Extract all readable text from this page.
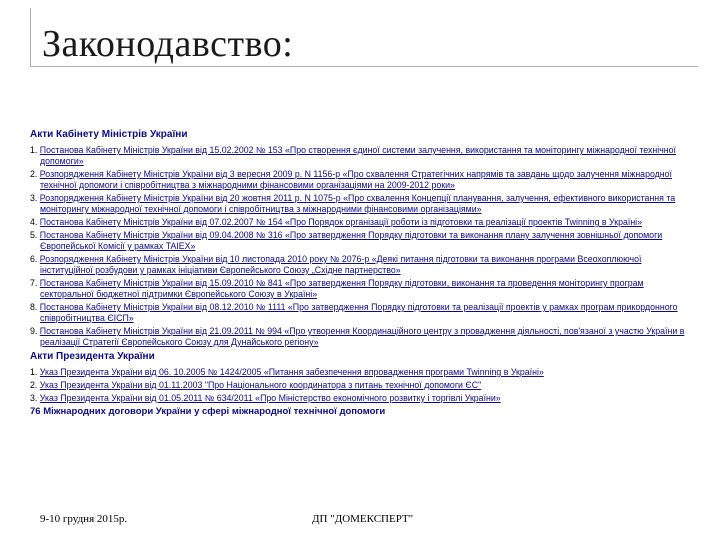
Законодавство:
Акти Кабінету Міністрів України
1. Постанова Кабінету Міністрів України від 15.02.2002 № 153 «Про створення єдиної системи залучення, використання та моніторингу міжнародної технічної допомоги»
2. Розпорядження Кабінету Міністрів України від 3 вересня 2009 р. N 1156-р «Про схвалення Стратегічних напрямів та завдань щодо залучення міжнародної технічної допомоги і співробітництва з міжнародними фінансовими організаціями на 2009-2012 роки»
3. Розпорядження Кабінету Міністрів України від 20 жовтня 2011 р. N 1075-р «Про схвалення Концепції планування, залучення, ефективного використання та моніторингу міжнародної технічної допомоги і співробітництва з міжнародними фінансовими організаціями»
4. Постанова Кабінету Міністрів України від 07.02.2007 № 154 «Про Порядок організації роботи із підготовки та реалізації проектів Twinning в Україні»
5. Постанова Кабінету Міністрів України від 09.04.2008 № 316 «Про затвердження Порядку підготовки та виконання плану залучення зовнішньої допомоги Європейської Комісії у рамках TAIEX»
6. Розпорядження Кабінету Міністрів України від 10 листопада 2010 року № 2076-р «Деякі питання підготовки та виконання програми Всеохоплюючої інституційної розбудови у рамках ініціативи Європейського Союзу „Східне партнерство»
7. Постанова Кабінету Міністрів України від 15.09.2010 № 841 «Про затвердження Порядку підготовки, виконання та проведення моніторингу програм секторальної бюджетної підтримки Європейського Союзу в Україні»
8. Постанова Кабінету Міністрів України від 08.12.2010 № 1111 «Про затвердження Порядку підготовки та реалізації проектів у рамках програм прикордонного співробітництва ЄІСП»
9. Постанова Кабінету Міністрів України від 21.09.2011 № 994 «Про утворення Координаційного центру з провадження діяльності, пов'язаної з участю України в реалізації Стратегії Європейського Союзу для Дунайського регіону»
Акти Президента України
1. Указ Президента України від 06. 10.2005 № 1424/2005 «Питання забезпечення впровадження програми Twinning в Україні»
2. Указ Президента України від 01.11.2003 "Про Національного координатора з питань технічної допомоги ЄС"
3. Указ Президента України від 01.05.2011 № 634/2011 «Про Міністерство економічного розвитку і торгівлі України»
76 Міжнародних договори України у сфері міжнародної технічної допомоги
9-10 грудня 2015р.	ДП "ДОМЕКСПЕРТ"
